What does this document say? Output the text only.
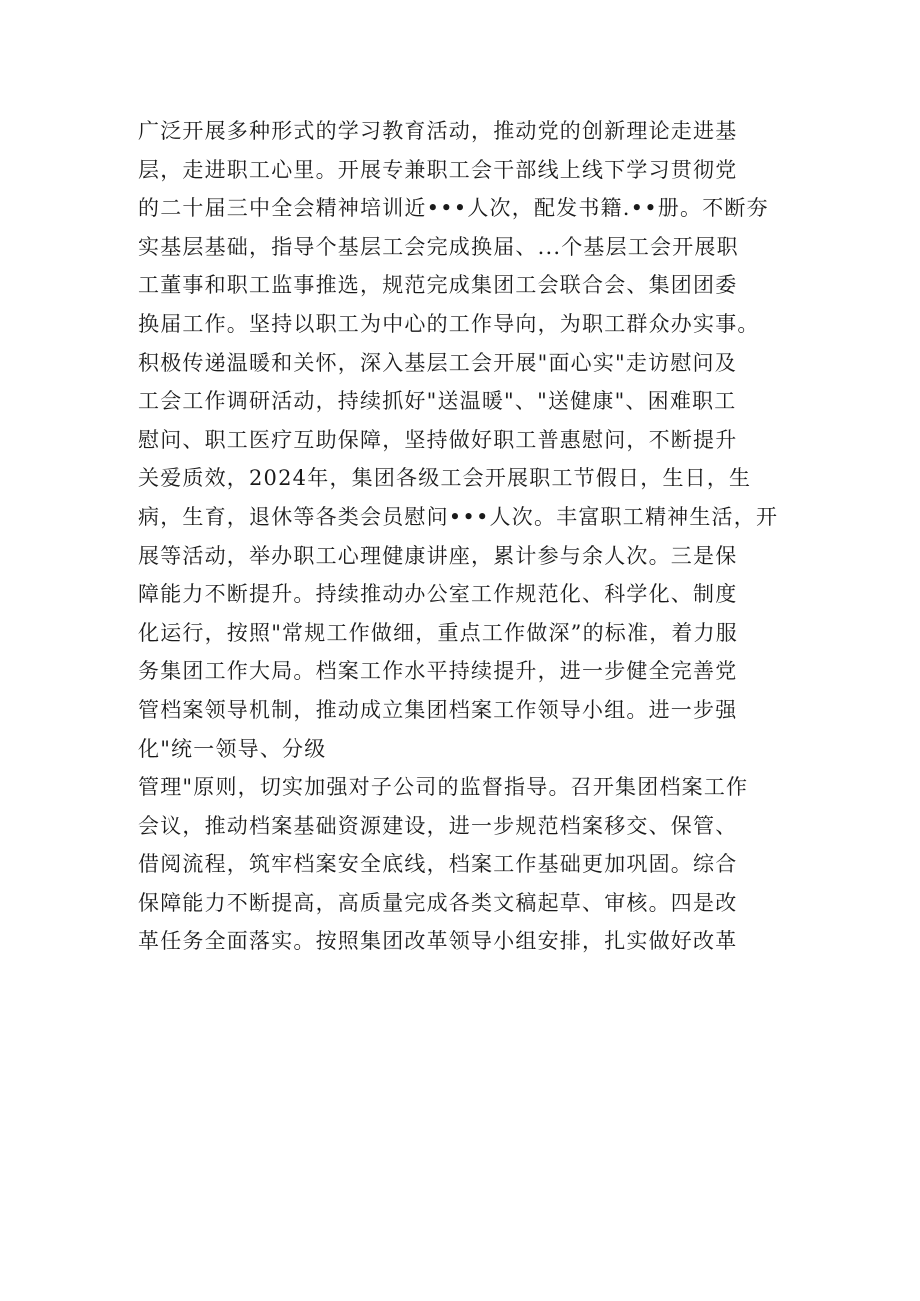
广泛开展多种形式的学习教育活动，推动党的创新理论走进基
层，走进职工心里。开展专兼职工会干部线上线下学习贯彻党
的二十届三中全会精神培训近•••人次，配发书籍.••册。不断夯
实基层基础，指导个基层工会完成换届、...个基层工会开展职
工董事和职工监事推选，规范完成集团工会联合会、集团团委
换届工作。坚持以职工为中心的工作导向，为职工群众办实事。
积极传递温暖和关怀，深入基层工会开展"面心实"走访慰问及
工会工作调研活动，持续抓好"送温暖"、"送健康"、困难职工
慰问、职工医疗互助保障，坚持做好职工普惠慰问，不断提升
关爱质效，2024年，集团各级工会开展职工节假日，生日，生
病，生育，退休等各类会员慰问•••人次。丰富职工精神生活，开
展等活动，举办职工心理健康讲座，累计参与余人次。三是保
障能力不断提升。持续推动办公室工作规范化、科学化、制度
化运行，按照"常规工作做细，重点工作做深”的标准，着力服
务集团工作大局。档案工作水平持续提升，进一步健全完善党
管档案领导机制，推动成立集团档案工作领导小组。进一步强
化"统一领导、分级
管理"原则，切实加强对子公司的监督指导。召开集团档案工作
会议，推动档案基础资源建设，进一步规范档案移交、保管、
借阅流程，筑牢档案安全底线，档案工作基础更加巩固。综合
保障能力不断提高，高质量完成各类文稿起草、审核。四是改
革任务全面落实。按照集团改革领导小组安排，扎实做好改革
